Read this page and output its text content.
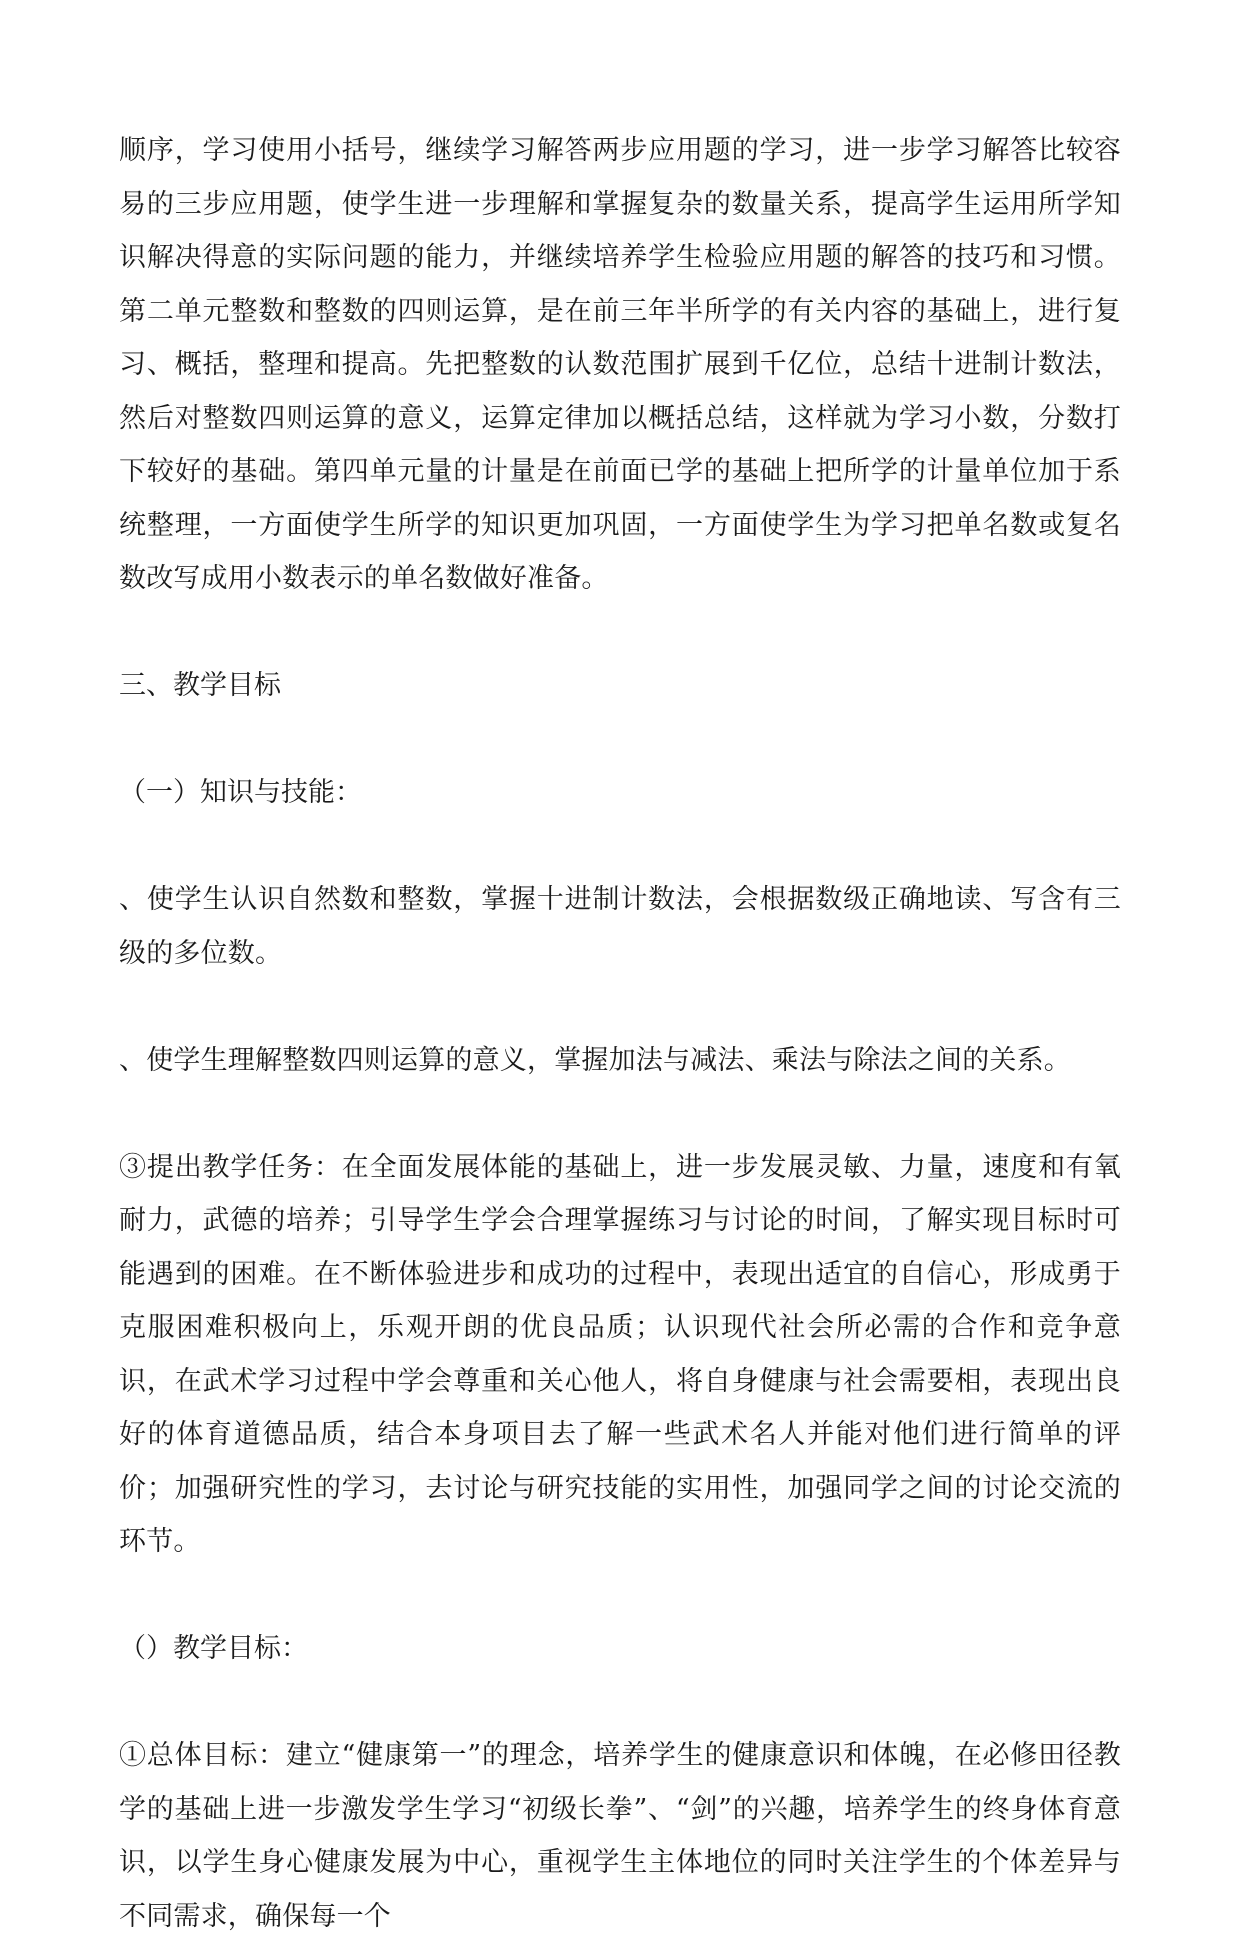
顺序，学习使用小括号，继续学习解答两步应用题的学习，进一步学习解答比较容易的三步应用题，使学生进一步理解和掌握复杂的数量关系，提高学生运用所学知识解决得意的实际问题的能力，并继续培养学生检验应用题的解答的技巧和习惯。第二单元整数和整数的四则运算，是在前三年半所学的有关内容的基础上，进行复习、概括，整理和提高。先把整数的认数范围扩展到千亿位，总结十进制计数法，然后对整数四则运算的意义，运算定律加以概括总结，这样就为学习小数，分数打下较好的基础。第四单元量的计量是在前面已学的基础上把所学的计量单位加于系统整理，一方面使学生所学的知识更加巩固，一方面使学生为学习把单名数或复名数改写成用小数表示的单名数做好准备。

三、教学目标

（一）知识与技能：

、使学生认识自然数和整数，掌握十进制计数法，会根据数级正确地读、写含有三级的多位数。

、使学生理解整数四则运算的意义，掌握加法与减法、乘法与除法之间的关系。

③提出教学任务：在全面发展体能的基础上，进一步发展灵敏、力量，速度和有氧耐力，武德的培养；引导学生学会合理掌握练习与讨论的时间，了解实现目标时可能遇到的困难。在不断体验进步和成功的过程中，表现出适宜的自信心，形成勇于克服困难积极向上，乐观开朗的优良品质；认识现代社会所必需的合作和竞争意识，在武术学习过程中学会尊重和关心他人，将自身健康与社会需要相，表现出良好的体育道德品质，结合本身项目去了解一些武术名人并能对他们进行简单的评价；加强研究性的学习，去讨论与研究技能的实用性，加强同学之间的讨论交流的环节。

（）教学目标：

①总体目标：建立“健康第一”的理念，培养学生的健康意识和体魄，在必修田径教学的基础上进一步激发学生学习“初级长拳”、“剑”的兴趣，培养学生的终身体育意识，以学生身心健康发展为中心，重视学生主体地位的同时关注学生的个体差异与不同需求，确保每一个
